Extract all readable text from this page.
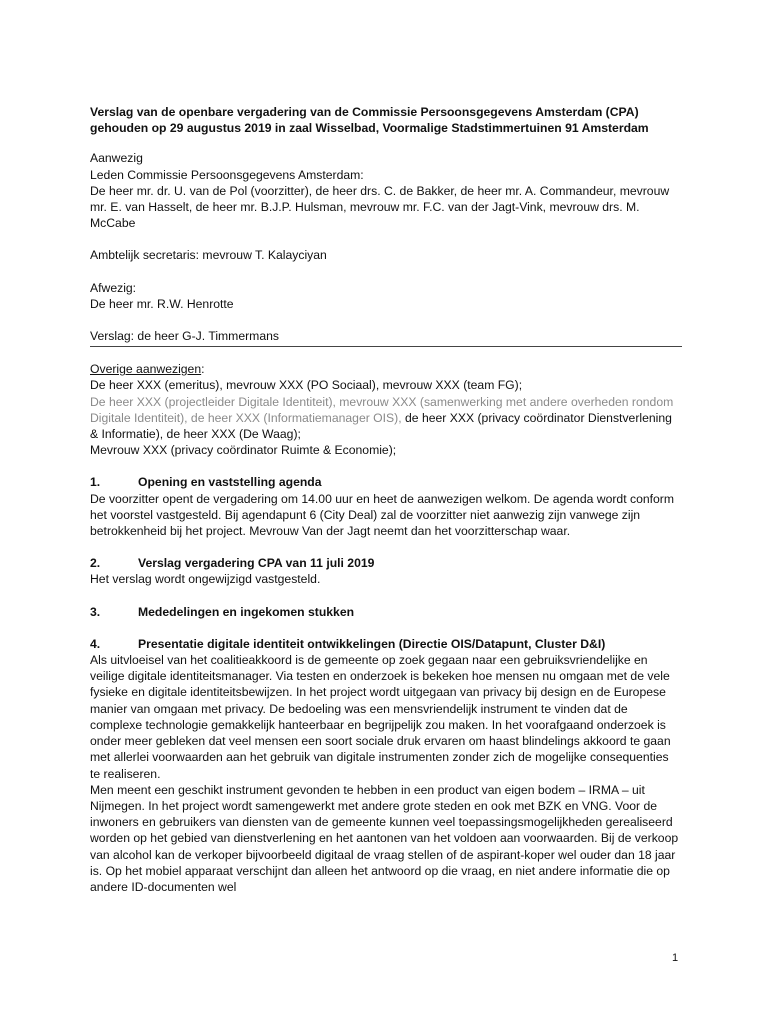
Verslag van de openbare vergadering van de Commissie Persoonsgegevens Amsterdam (CPA) gehouden op 29 augustus 2019 in zaal Wisselbad, Voormalige Stadstimmertuinen 91 Amsterdam

Aanwezig

Leden Commissie Persoonsgegevens Amsterdam:

De heer mr. dr. U. van de Pol (voorzitter), de heer drs. C. de Bakker, de heer mr. A. Commandeur, mevrouw mr. E. van Hasselt, de heer mr. B.J.P. Hulsman, mevrouw mr. F.C. van der Jagt-Vink, mevrouw drs. M. McCabe

Ambtelijk secretaris: mevrouw T. Kalayciyan

Afwezig:

De heer mr. R.W. Henrotte

Verslag: de heer G-J. Timmermans

Overige aanwezigen:

De heer XXX (emeritus), mevrouw XXX (PO Sociaal), mevrouw XXX (team FG);

De heer XXX (projectleider Digitale Identiteit), mevrouw XXX (samenwerking met andere overheden rondom Digitale Identiteit), de heer XXX (Informatiemanager OIS), de heer XXX (privacy coördinator Dienstverlening & Informatie), de heer XXX (De Waag);

Mevrouw XXX (privacy coördinator Ruimte & Economie);

1.	Opening en vaststelling agenda

De voorzitter opent de vergadering om 14.00 uur en heet de aanwezigen welkom. De agenda wordt conform het voorstel vastgesteld. Bij agendapunt 6 (City Deal) zal de voorzitter niet aanwezig zijn vanwege zijn betrokkenheid bij het project. Mevrouw Van der Jagt neemt dan het voorzitterschap waar.

2.	Verslag vergadering CPA van 11 juli 2019

Het verslag wordt ongewijzigd vastgesteld.

3.	Mededelingen en ingekomen stukken

4.	Presentatie digitale identiteit ontwikkelingen (Directie OIS/Datapunt, Cluster D&I)

Als uitvloeisel van het coalitieakkoord is de gemeente op zoek gegaan naar een gebruiksvriendelijke en veilige digitale identiteitsmanager. Via testen en onderzoek is bekeken hoe mensen nu omgaan met de vele fysieke en digitale identiteitsbewijzen. In het project wordt uitgegaan van privacy bij design en de Europese manier van omgaan met privacy. De bedoeling was een mensvriendelijk instrument te vinden dat de complexe technologie gemakkelijk hanteerbaar en begrijpelijk zou maken. In het voorafgaand onderzoek is onder meer gebleken dat veel mensen een soort sociale druk ervaren om haast blindelings akkoord te gaan met allerlei voorwaarden aan het gebruik van digitale instrumenten zonder zich de mogelijke consequenties te realiseren.

Men meent een geschikt instrument gevonden te hebben in een product van eigen bodem – IRMA – uit Nijmegen. In het project wordt samengewerkt met andere grote steden en ook met BZK en VNG. Voor de inwoners en gebruikers van diensten van de gemeente kunnen veel toepassingsmogelijkheden gerealiseerd worden op het gebied van dienstverlening en het aantonen van het voldoen aan voorwaarden. Bij de verkoop van alcohol kan de verkoper bijvoorbeeld digitaal de vraag stellen of de aspirant-koper wel ouder dan 18 jaar is. Op het mobiel apparaat verschijnt dan alleen het antwoord op die vraag, en niet andere informatie die op andere ID-documenten wel

1
